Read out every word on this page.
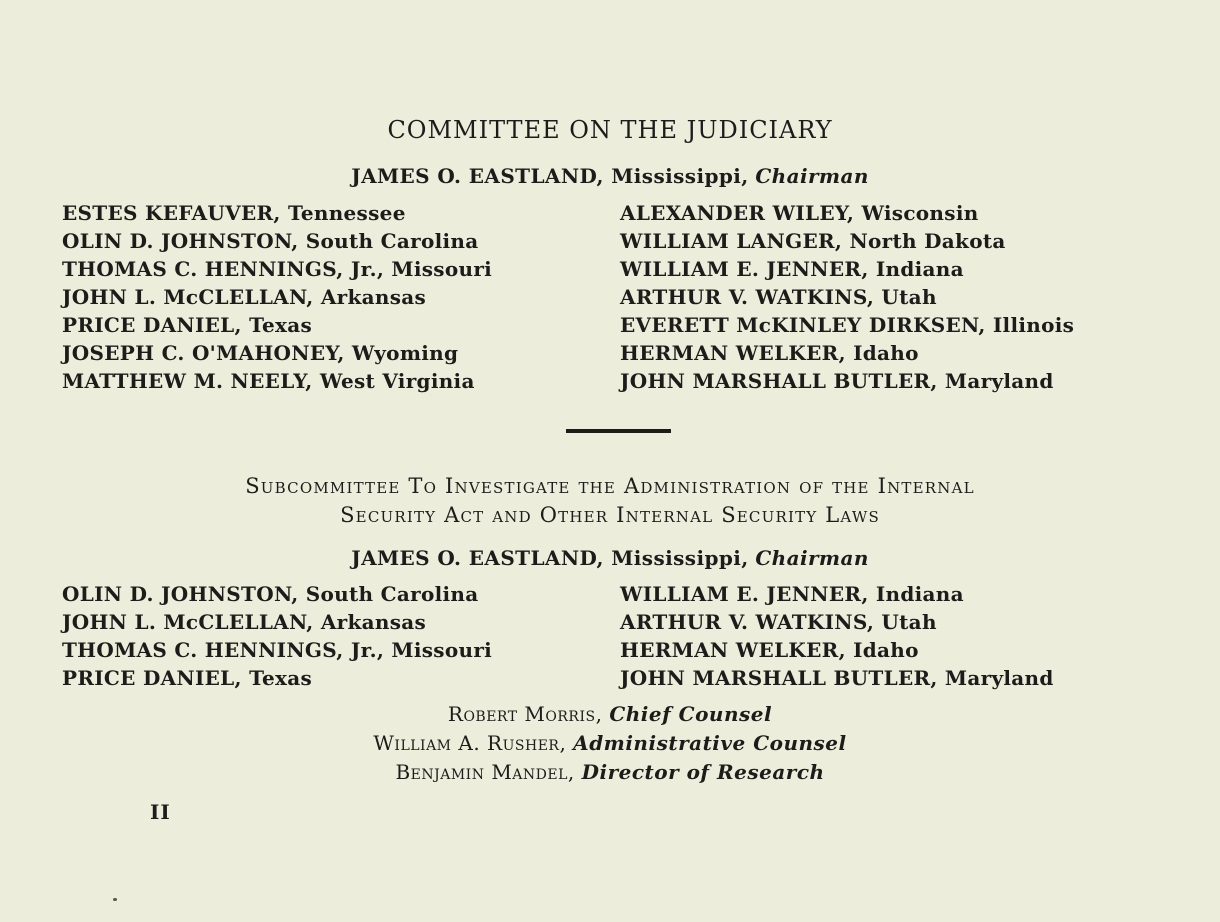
COMMITTEE ON THE JUDICIARY
JAMES O. EASTLAND, Mississippi, Chairman
ESTES KEFAUVER, Tennessee
OLIN D. JOHNSTON, South Carolina
THOMAS C. HENNINGS, Jr., Missouri
JOHN L. McCLELLAN, Arkansas
PRICE DANIEL, Texas
JOSEPH C. O'MAHONEY, Wyoming
MATTHEW M. NEELY, West Virginia
ALEXANDER WILEY, Wisconsin
WILLIAM LANGER, North Dakota
WILLIAM E. JENNER, Indiana
ARTHUR V. WATKINS, Utah
EVERETT McKINLEY DIRKSEN, Illinois
HERMAN WELKER, Idaho
JOHN MARSHALL BUTLER, Maryland
Subcommittee To Investigate the Administration of the Internal
Security Act and Other Internal Security Laws
JAMES O. EASTLAND, Mississippi, Chairman
OLIN D. JOHNSTON, South Carolina
JOHN L. McCLELLAN, Arkansas
THOMAS C. HENNINGS, Jr., Missouri
PRICE DANIEL, Texas
WILLIAM E. JENNER, Indiana
ARTHUR V. WATKINS, Utah
HERMAN WELKER, Idaho
JOHN MARSHALL BUTLER, Maryland
Robert Morris, Chief Counsel
William A. Rusher, Administrative Counsel
Benjamin Mandel, Director of Research
II
